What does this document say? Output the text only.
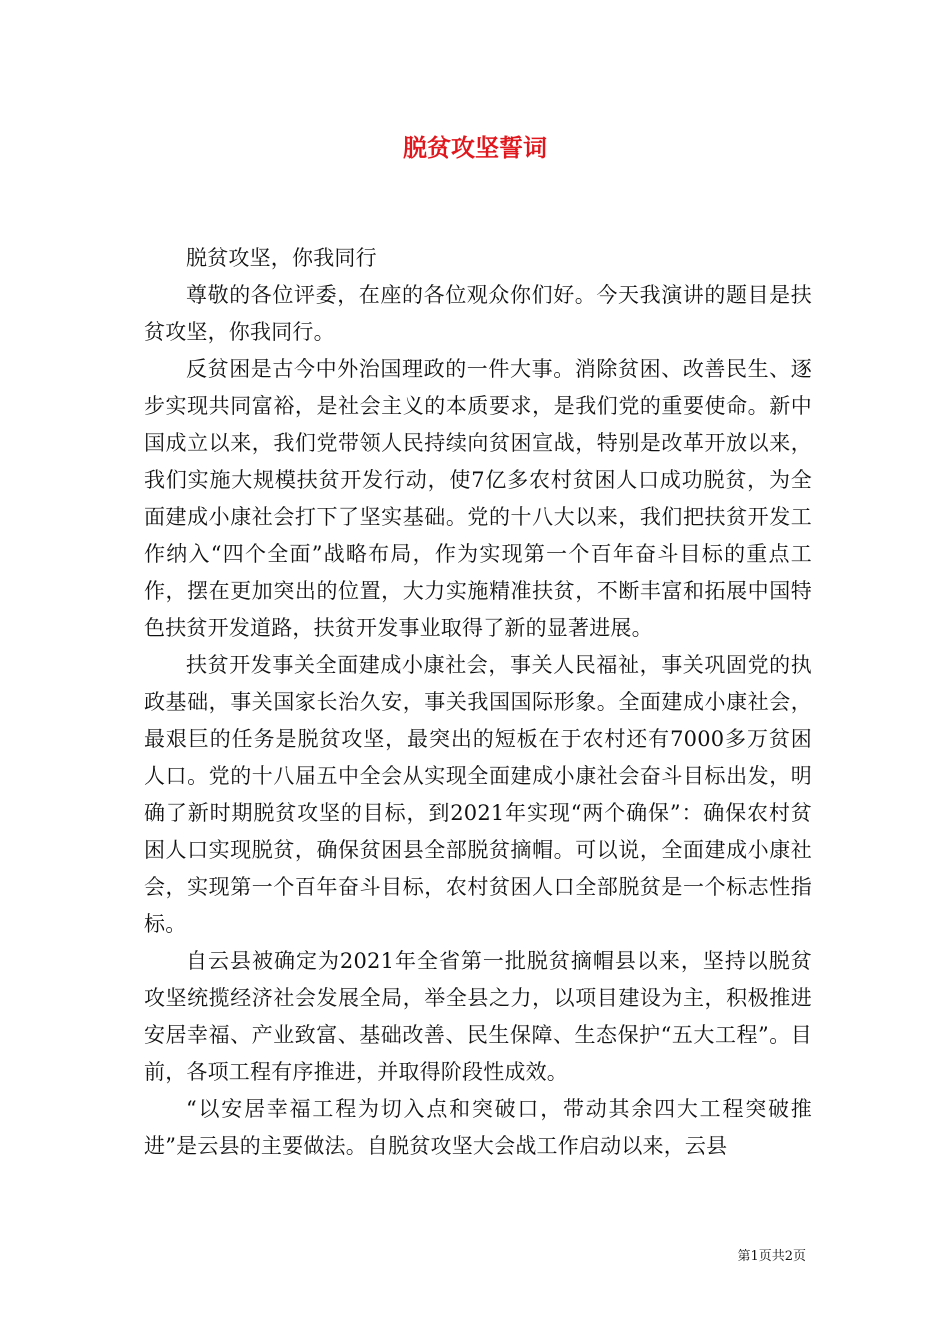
脱贫攻坚誓词

脱贫攻坚，你我同行

尊敬的各位评委，在座的各位观众你们好。今天我演讲的题目是扶贫攻坚，你我同行。

反贫困是古今中外治国理政的一件大事。消除贫困、改善民生、逐步实现共同富裕，是社会主义的本质要求，是我们党的重要使命。新中国成立以来，我们党带领人民持续向贫困宣战，特别是改革开放以来，我们实施大规模扶贫开发行动，使7亿多农村贫困人口成功脱贫，为全面建成小康社会打下了坚实基础。党的十八大以来，我们把扶贫开发工作纳入“四个全面”战略布局，作为实现第一个百年奋斗目标的重点工作，摆在更加突出的位置，大力实施精准扶贫，不断丰富和拓展中国特色扶贫开发道路，扶贫开发事业取得了新的显著进展。

扶贫开发事关全面建成小康社会，事关人民福祉，事关巩固党的执政基础，事关国家长治久安，事关我国国际形象。全面建成小康社会，最艰巨的任务是脱贫攻坚，最突出的短板在于农村还有7000多万贫困人口。党的十八届五中全会从实现全面建成小康社会奋斗目标出发，明确了新时期脱贫攻坚的目标，到2021年实现“两个确保”：确保农村贫困人口实现脱贫，确保贫困县全部脱贫摘帽。可以说，全面建成小康社会，实现第一个百年奋斗目标，农村贫困人口全部脱贫是一个标志性指标。

自云县被确定为2021年全省第一批脱贫摘帽县以来，坚持以脱贫攻坚统揽经济社会发展全局，举全县之力，以项目建设为主，积极推进安居幸福、产业致富、基础改善、民生保障、生态保护“五大工程”。目前，各项工程有序推进，并取得阶段性成效。

“以安居幸福工程为切入点和突破口，带动其余四大工程突破推进”是云县的主要做法。自脱贫攻坚大会战工作启动以来，云县

第1页共2页
